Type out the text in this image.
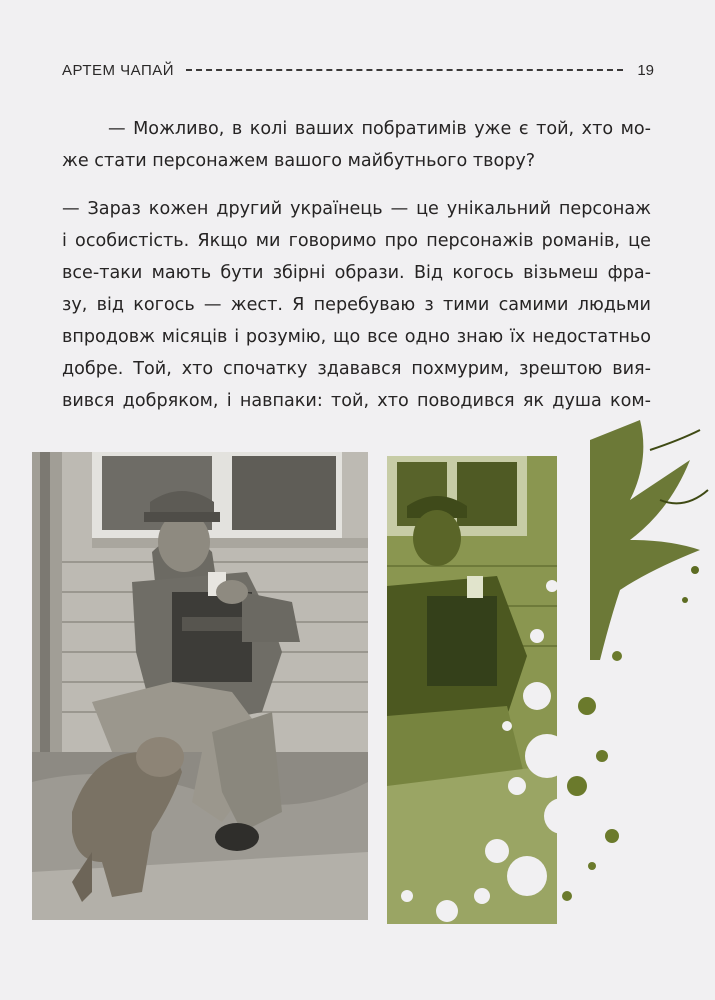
АРТЕМ ЧАПАЙ	19
— Можливо, в колі ваших побратимів уже є той, хто мо-
же стати персонажем вашого майбутнього твору?
— Зараз кожен другий українець — це унікальний персонаж
і особистість. Якщо ми говоримо про персонажів романів, це
все-таки мають бути збірні образи. Від когось візьмеш фра-
зу, від когось — жест. Я перебуваю з тими самими людьми
впродовж місяців і розумію, що все одно знаю їх недостатньо
добре. Той, хто спочатку здавався похмурим, зрештою вия-
вився добряком, і навпаки: той, хто поводився як душа ком-
